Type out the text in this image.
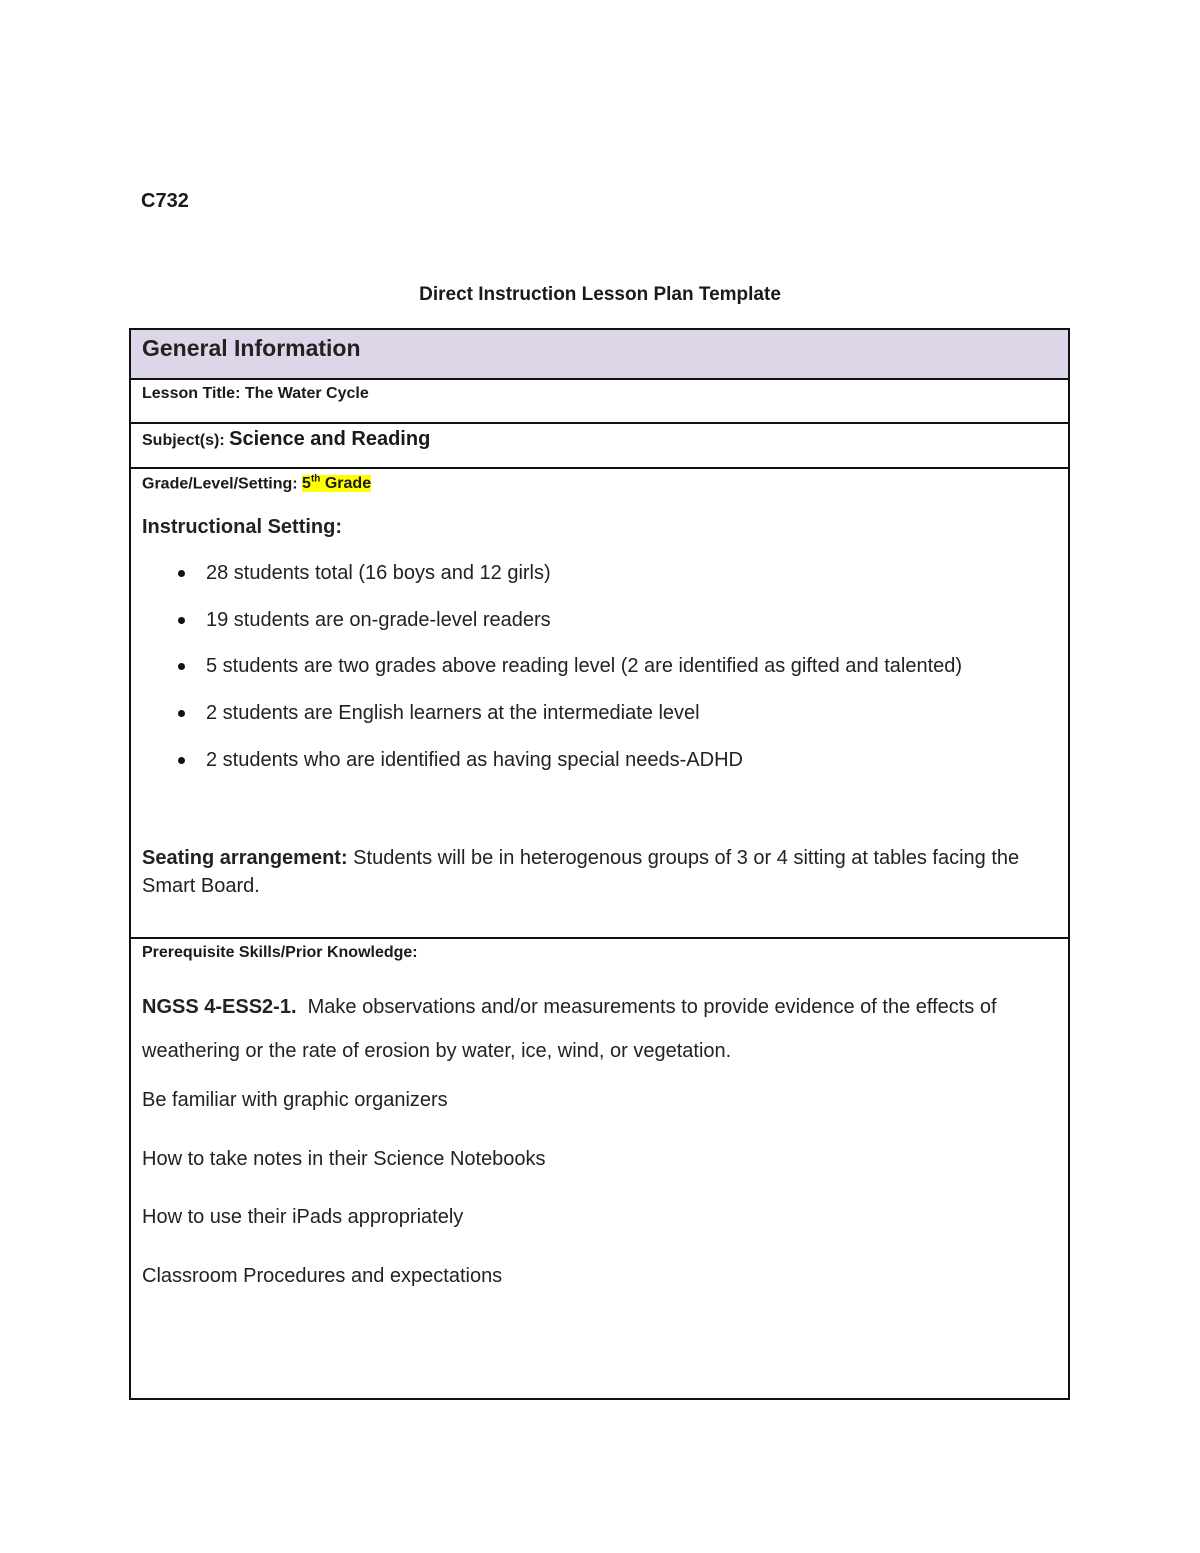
C732
Direct Instruction Lesson Plan Template
General Information
Lesson Title: The Water Cycle
Subject(s): Science and Reading
Grade/Level/Setting: 5th Grade
Instructional Setting:
28 students total (16 boys and 12 girls)
19 students are on-grade-level readers
5 students are two grades above reading level (2 are identified as gifted and talented)
2 students are English learners at the intermediate level
2 students who are identified as having special needs-ADHD
Seating arrangement: Students will be in heterogenous groups of 3 or 4 sitting at tables facing the Smart Board.
Prerequisite Skills/Prior Knowledge:
NGSS 4-ESS2-1. Make observations and/or measurements to provide evidence of the effects of weathering or the rate of erosion by water, ice, wind, or vegetation.
Be familiar with graphic organizers
How to take notes in their Science Notebooks
How to use their iPads appropriately
Classroom Procedures and expectations
